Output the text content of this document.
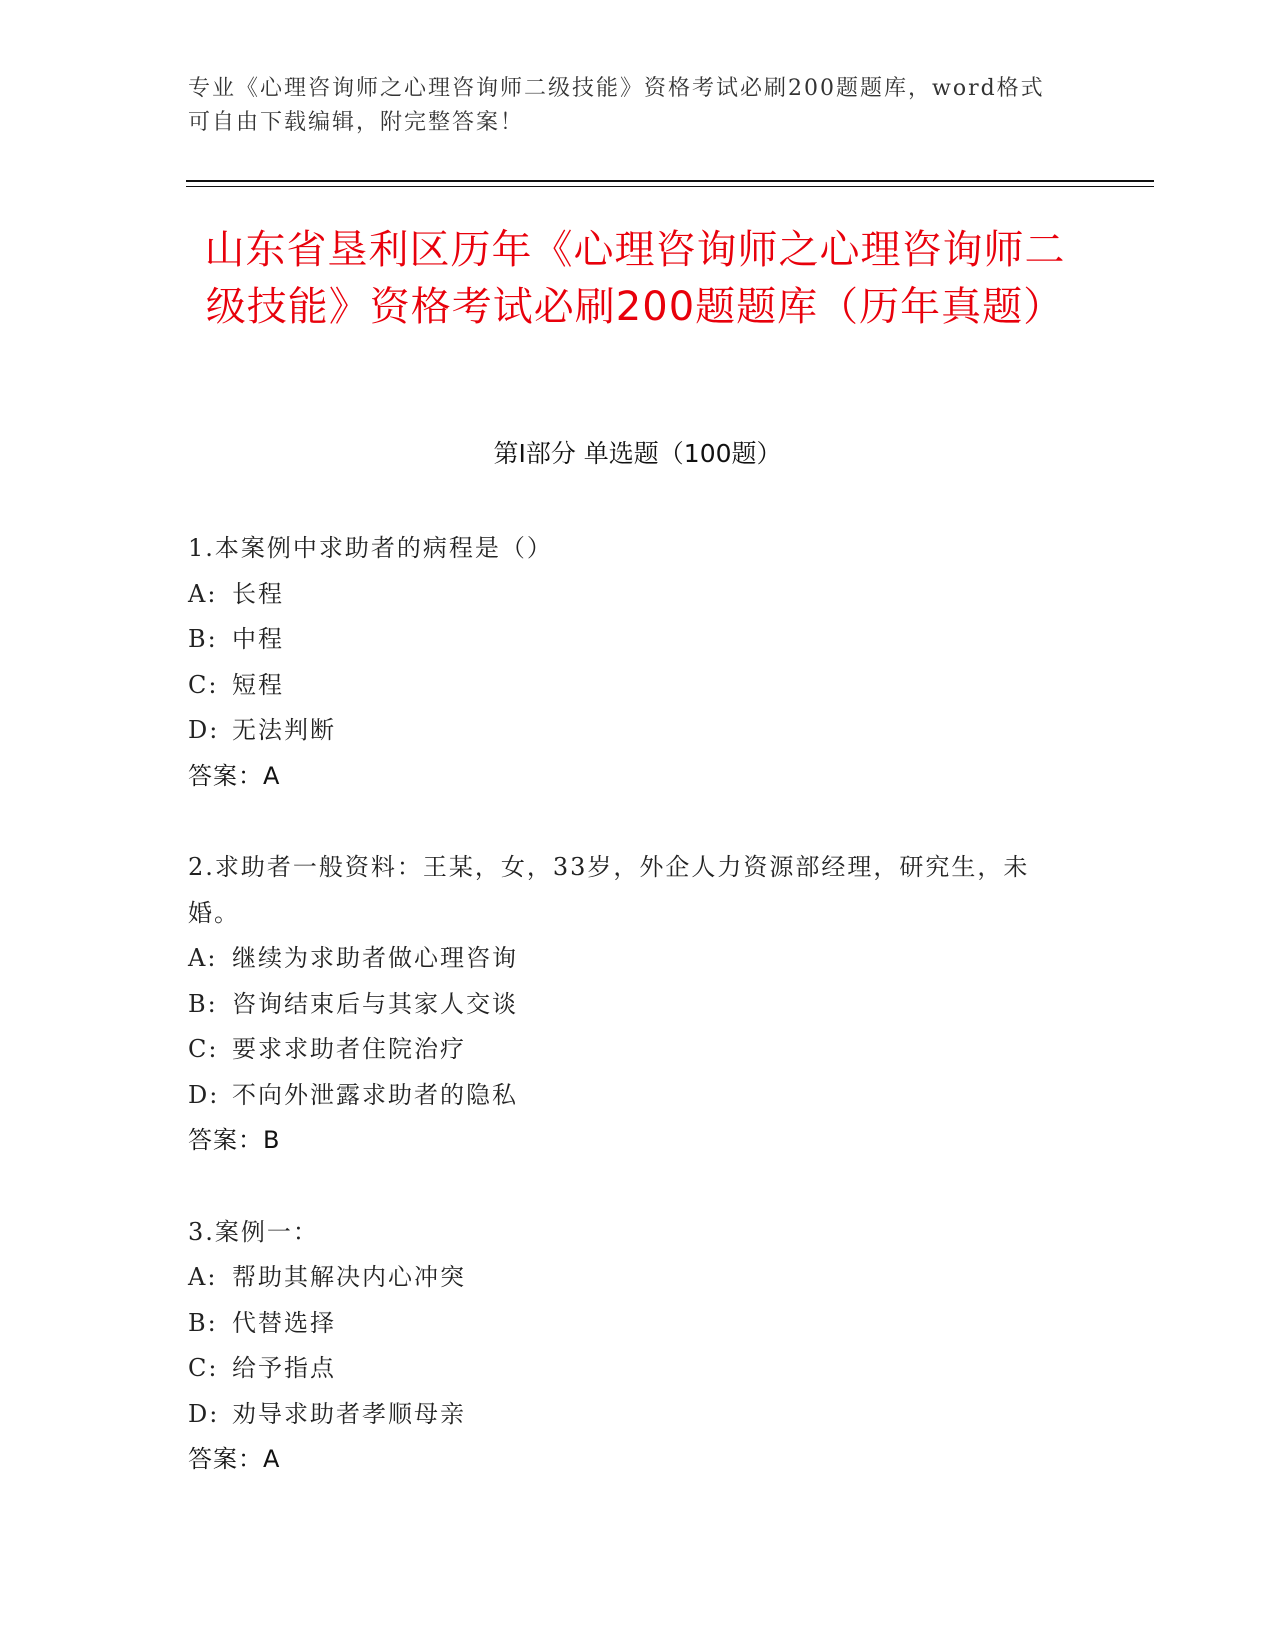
专业《心理咨询师之心理咨询师二级技能》资格考试必刷200题题库，word格式可自由下载编辑，附完整答案！
山东省垦利区历年《心理咨询师之心理咨询师二级技能》资格考试必刷200题题库（历年真题）
第Ⅰ部分 单选题（100题）

1.本案例中求助者的病程是（）

A: 长程

B: 中程

C: 短程

D: 无法判断

答案：A

2.求助者一般资料：王某，女，33岁，外企人力资源部经理，研究生，未婚。

A: 继续为求助者做心理咨询

B: 咨询结束后与其家人交谈

C: 要求求助者住院治疗

D: 不向外泄露求助者的隐私

答案：B

3.案例一：

A: 帮助其解决内心冲突

B: 代替选择

C: 给予指点

D: 劝导求助者孝顺母亲

答案：A
